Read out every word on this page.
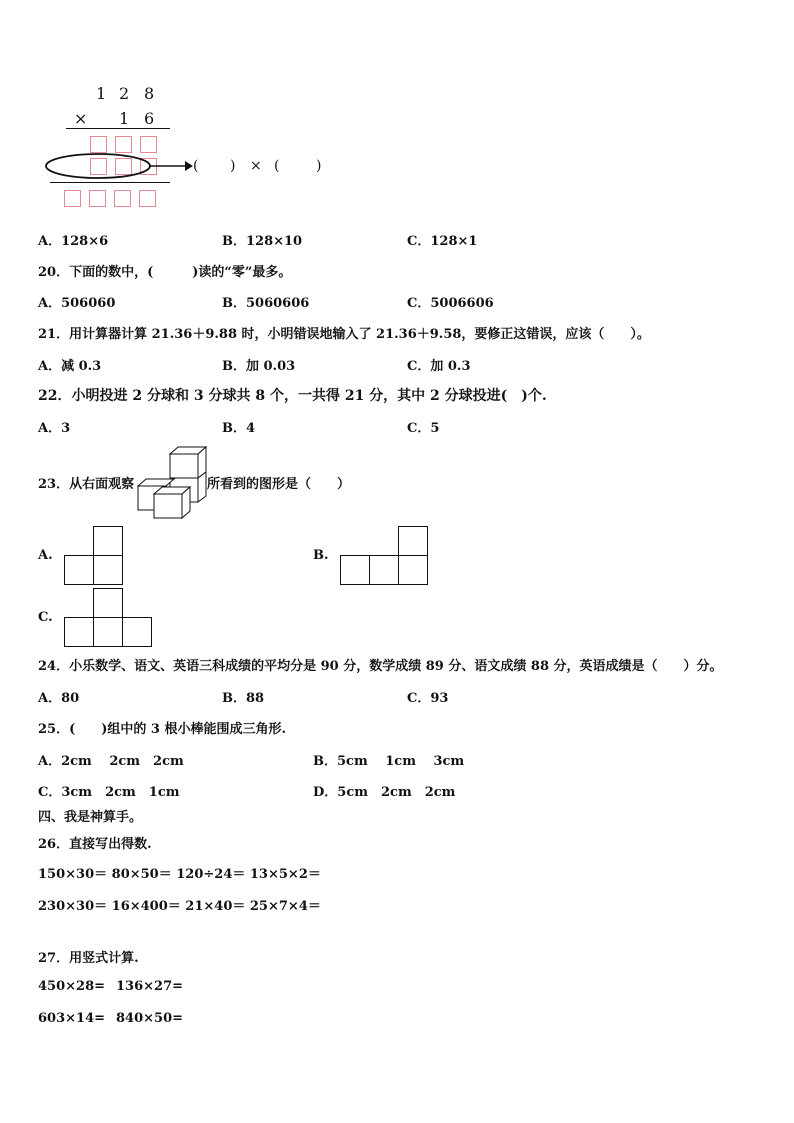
1 2 8
× 1 6
( ) × (	)
A．128×6	B．128×10	C．128×1
20．下面的数中，(　　　)读的“零”最多。
A．506060	B．5060606	C．5006606
21．用计算器计算 21.36＋9.88 时，小明错误地输入了 21.36＋9.58，要修正这错误，应该（　　）。
A．减 0.3	B．加 0.03	C．加 0.3
22．小明投进 2 分球和 3 分球共 8 个，一共得 21 分，其中 2 分球投进(　)个.
A．3	B．4	C．5
23．从右面观察	所看到的图形是（　　）
A.	B.
C.
24．小乐数学、语文、英语三科成绩的平均分是 90 分，数学成绩 89 分、语文成绩 88 分，英语成绩是（　　）分。
A．80	B．88	C．93
25．(　　)组中的 3 根小棒能围成三角形.
A．2cm　 2cm　2cm	B．5cm　 1cm　 3cm
C．3cm　2cm　1cm	D．5cm　2cm　2cm
四、我是神算手。
26．直接写出得数.
150×30＝ 80×50＝ 120÷24＝ 13×5×2＝
230×30＝ 16×400＝ 21×40＝ 25×7×4＝
27．用竖式计算.
450×28= 136×27=
603×14= 840×50=
